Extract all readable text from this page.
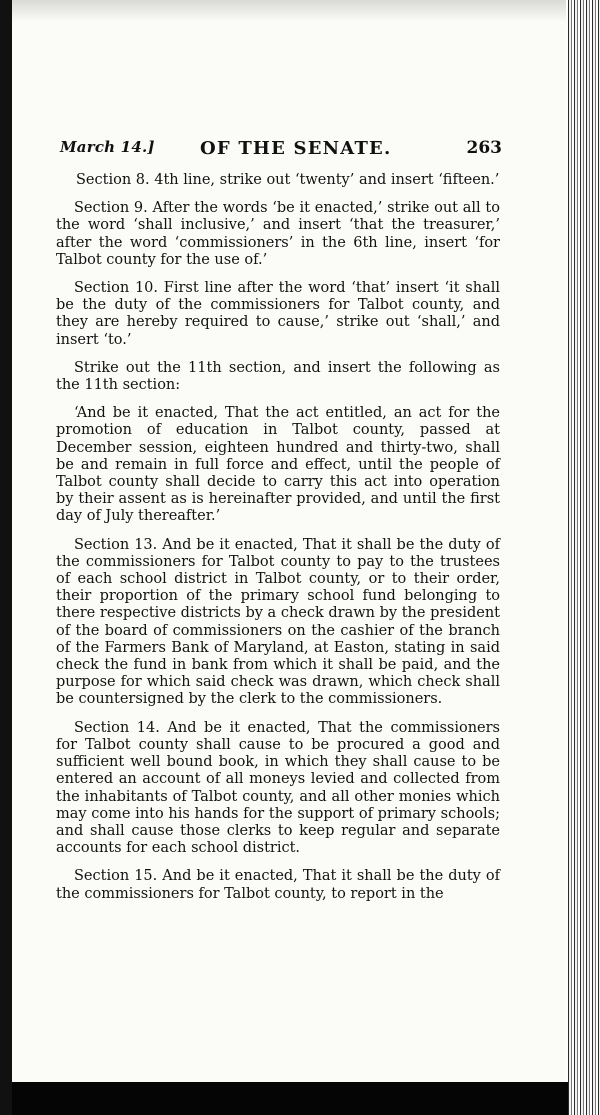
March 14.]	OF THE SENATE.	263

Section 8. 4th line, strike out ‘twenty’ and insert ‘fifteen.’

Section 9. After the words ‘be it enacted,’ strike out all to the word ‘shall inclusive,’ and insert ‘that the treasurer,’ after the word ‘commissioners’ in the 6th line, insert ‘for Talbot county for the use of.’

Section 10. First line after the word ‘that’ insert ‘it shall be the duty of the commissioners for Talbot county, and they are hereby required to cause,’ strike out ‘shall,’ and insert ‘to.’

Strike out the 11th section, and insert the following as the 11th section:

‘And be it enacted, That the act entitled, an act for the promotion of education in Talbot county, passed at December session, eighteen hundred and thirty-two, shall be and remain in full force and effect, until the people of Talbot county shall decide to carry this act into operation by their assent as is hereinafter provided, and until the first day of July thereafter.’

Section 13. And be it enacted, That it shall be the duty of the commissioners for Talbot county to pay to the trustees of each school district in Talbot county, or to their order, their proportion of the primary school fund belonging to there respective districts by a check drawn by the president of the board of commissioners on the cashier of the branch of the Farmers Bank of Maryland, at Easton, stating in said check the fund in bank from which it shall be paid, and the purpose for which said check was drawn, which check shall be countersigned by the clerk to the commissioners.

Section 14. And be it enacted, That the commissioners for Talbot county shall cause to be procured a good and sufficient well bound book, in which they shall cause to be entered an account of all moneys levied and collected from the inhabitants of Talbot county, and all other monies which may come into his hands for the support of primary schools; and shall cause those clerks to keep regular and separate accounts for each school district.

Section 15. And be it enacted, That it shall be the duty of the commissioners for Talbot county, to report in the
